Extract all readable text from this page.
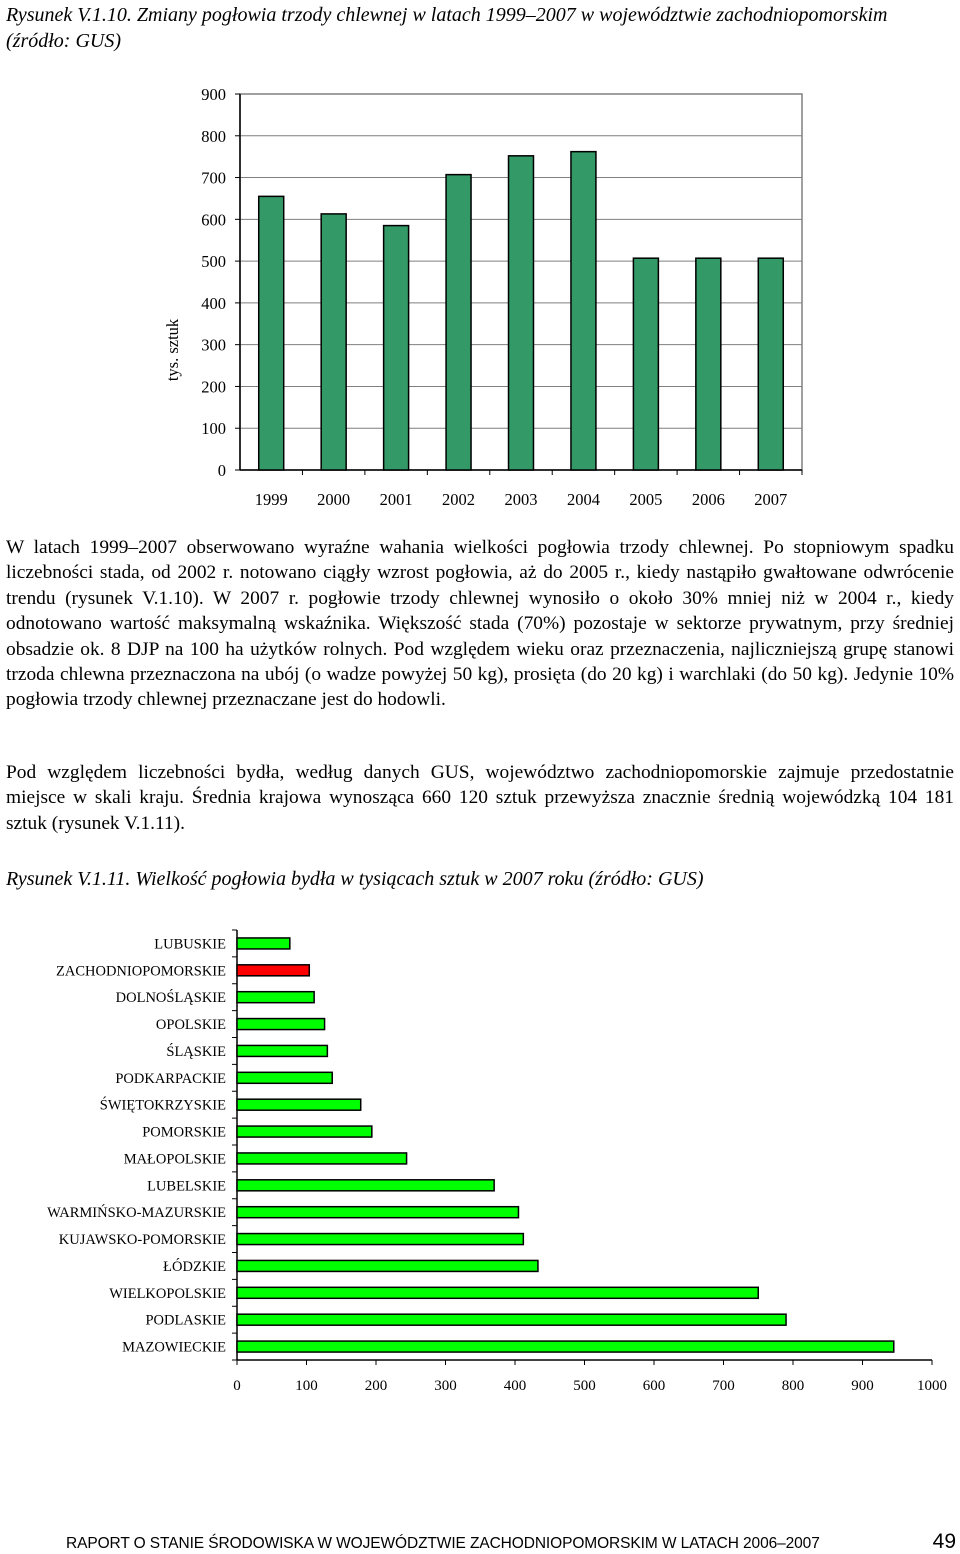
Rysunek V.1.10. Zmiany pogłowia trzody chlewnej w latach 1999–2007 w województwie zachodniopomorskim (źródło: GUS)

tys. sztuk
0
100
200
300
400
500
600
700
800
900
1999 2000 2001 2002 2003 2004 2005 2006 2007

W latach 1999–2007 obserwowano wyraźne wahania wielkości pogłowia trzody chlewnej. Po stopniowym spadku liczebności stada, od 2002 r. notowano ciągły wzrost pogłowia, aż do 2005 r., kiedy nastąpiło gwałtowane odwrócenie trendu (rysunek V.1.10). W 2007 r. pogłowie trzody chlewnej wynosiło o około 30% mniej niż w 2004 r., kiedy odnotowano wartość maksymalną wskaźnika. Większość stada (70%) pozostaje w sektorze prywatnym, przy średniej obsadzie ok. 8 DJP na 100 ha użytków rolnych. Pod względem wieku oraz przeznaczenia, najliczniejszą grupę stanowi trzoda chlewna przeznaczona na ubój (o wadze powyżej 50 kg), prosięta (do 20 kg) i warchlaki (do 50 kg). Jedynie 10% pogłowia trzody chlewnej przeznaczane jest do hodowli.

Pod względem liczebności bydła, według danych GUS, województwo zachodniopomorskie zajmuje przedostatnie miejsce w skali kraju. Średnia krajowa wynosząca 660 120 sztuk przewyższa znacznie średnią wojewódzką 104 181 sztuk (rysunek V.1.11).

Rysunek V.1.11. Wielkość pogłowia bydła w tysiącach sztuk w 2007 roku (źródło: GUS)

LUBUSKIE
ZACHODNIOPOMORSKIE
DOLNOŚLĄSKIE
OPOLSKIE
ŚLĄSKIE
PODKARPACKIE
ŚWIĘTOKRZYSKIE
POMORSKIE
MAŁOPOLSKIE
LUBELSKIE
WARMIŃSKO-MAZURSKIE
KUJAWSKO-POMORSKIE
ŁÓDZKIE
WIELKOPOLSKIE
PODLASKIE
MAZOWIECKIE
0	100	200	300	400	500	600	700	800	900	1000
RAPORT O STANIE ŚRODOWISKA W WOJEWÓDZTWIE ZACHODNIOPOMORSKIM W LATACH 2006–2007	49
